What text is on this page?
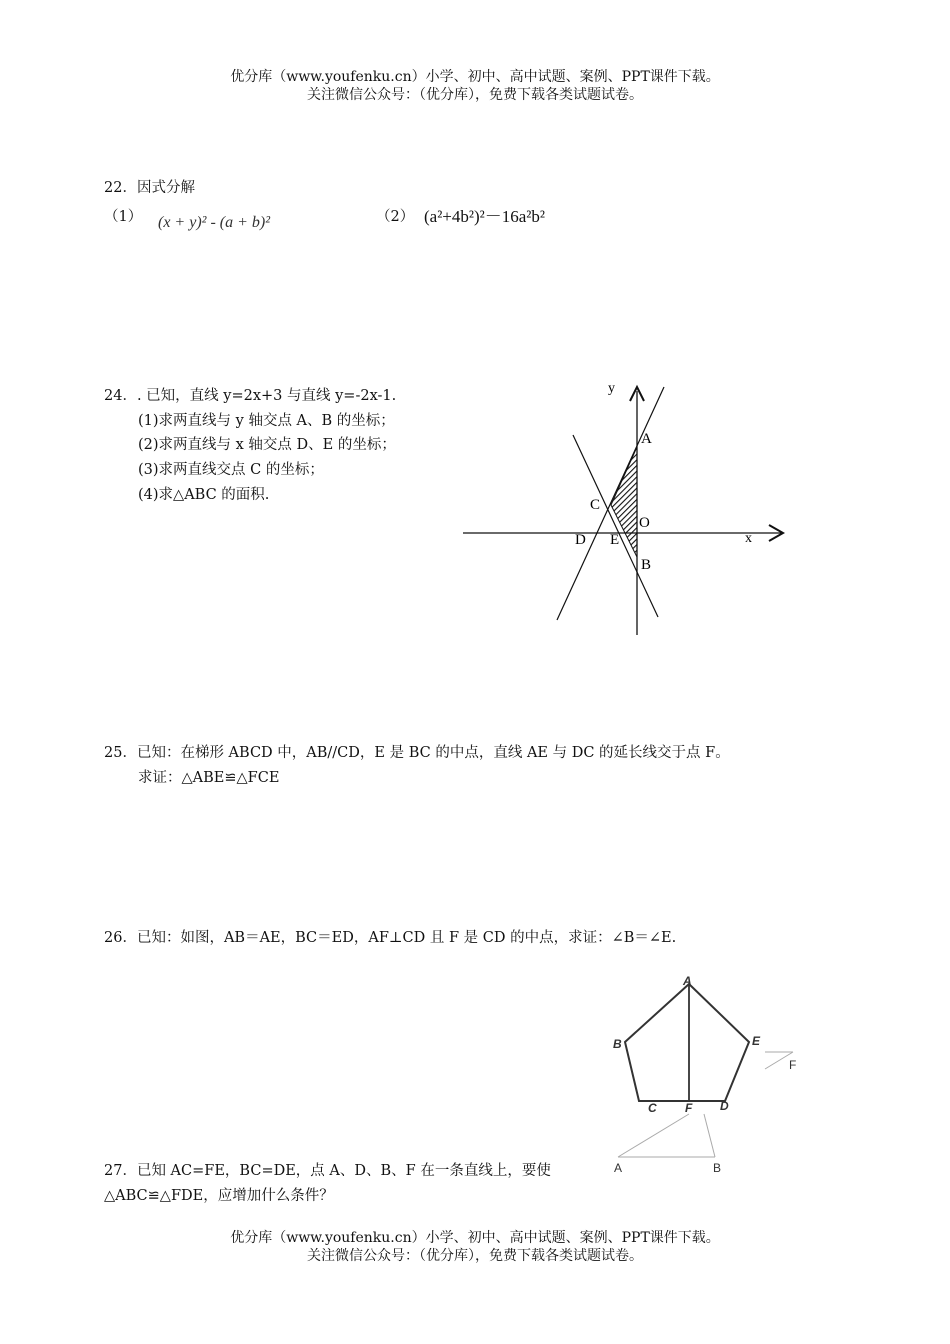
优分库（www.youfenku.cn）小学、初中、高中试题、案例、PPT课件下载。
关注微信公众号：（优分库），免费下载各类试题试卷。
22．因式分解
（1） (x + y)² - (a + b)²	（2） (a²+4b²)²－16a²b²
24．. 已知，直线 y=2x+3 与直线 y=-2x-1.
(1)求两直线与 y 轴交点 A、B 的坐标；
(2)求两直线与 x 轴交点 D、E 的坐标；
(3)求两直线交点 C 的坐标；
(4)求△ABC 的面积.
y
x
A
B
C
D E
O
25．已知：在梯形 ABCD 中，AB//CD，E 是 BC 的中点，直线 AE 与 DC 的延长线交于点 F。
求证：△ABE≌△FCE
26．已知：如图，AB＝AE，BC＝ED，AF⊥CD 且 F 是 CD 的中点，求证：∠B＝∠E.
A
B	E
C F D
F
A	B
27．已知 AC=FE，BC=DE，点 A、D、B、F 在一条直线上，要使
△ABC≌△FDE，应增加什么条件？
优分库（www.youfenku.cn）小学、初中、高中试题、案例、PPT课件下载。
关注微信公众号：（优分库），免费下载各类试题试卷。
